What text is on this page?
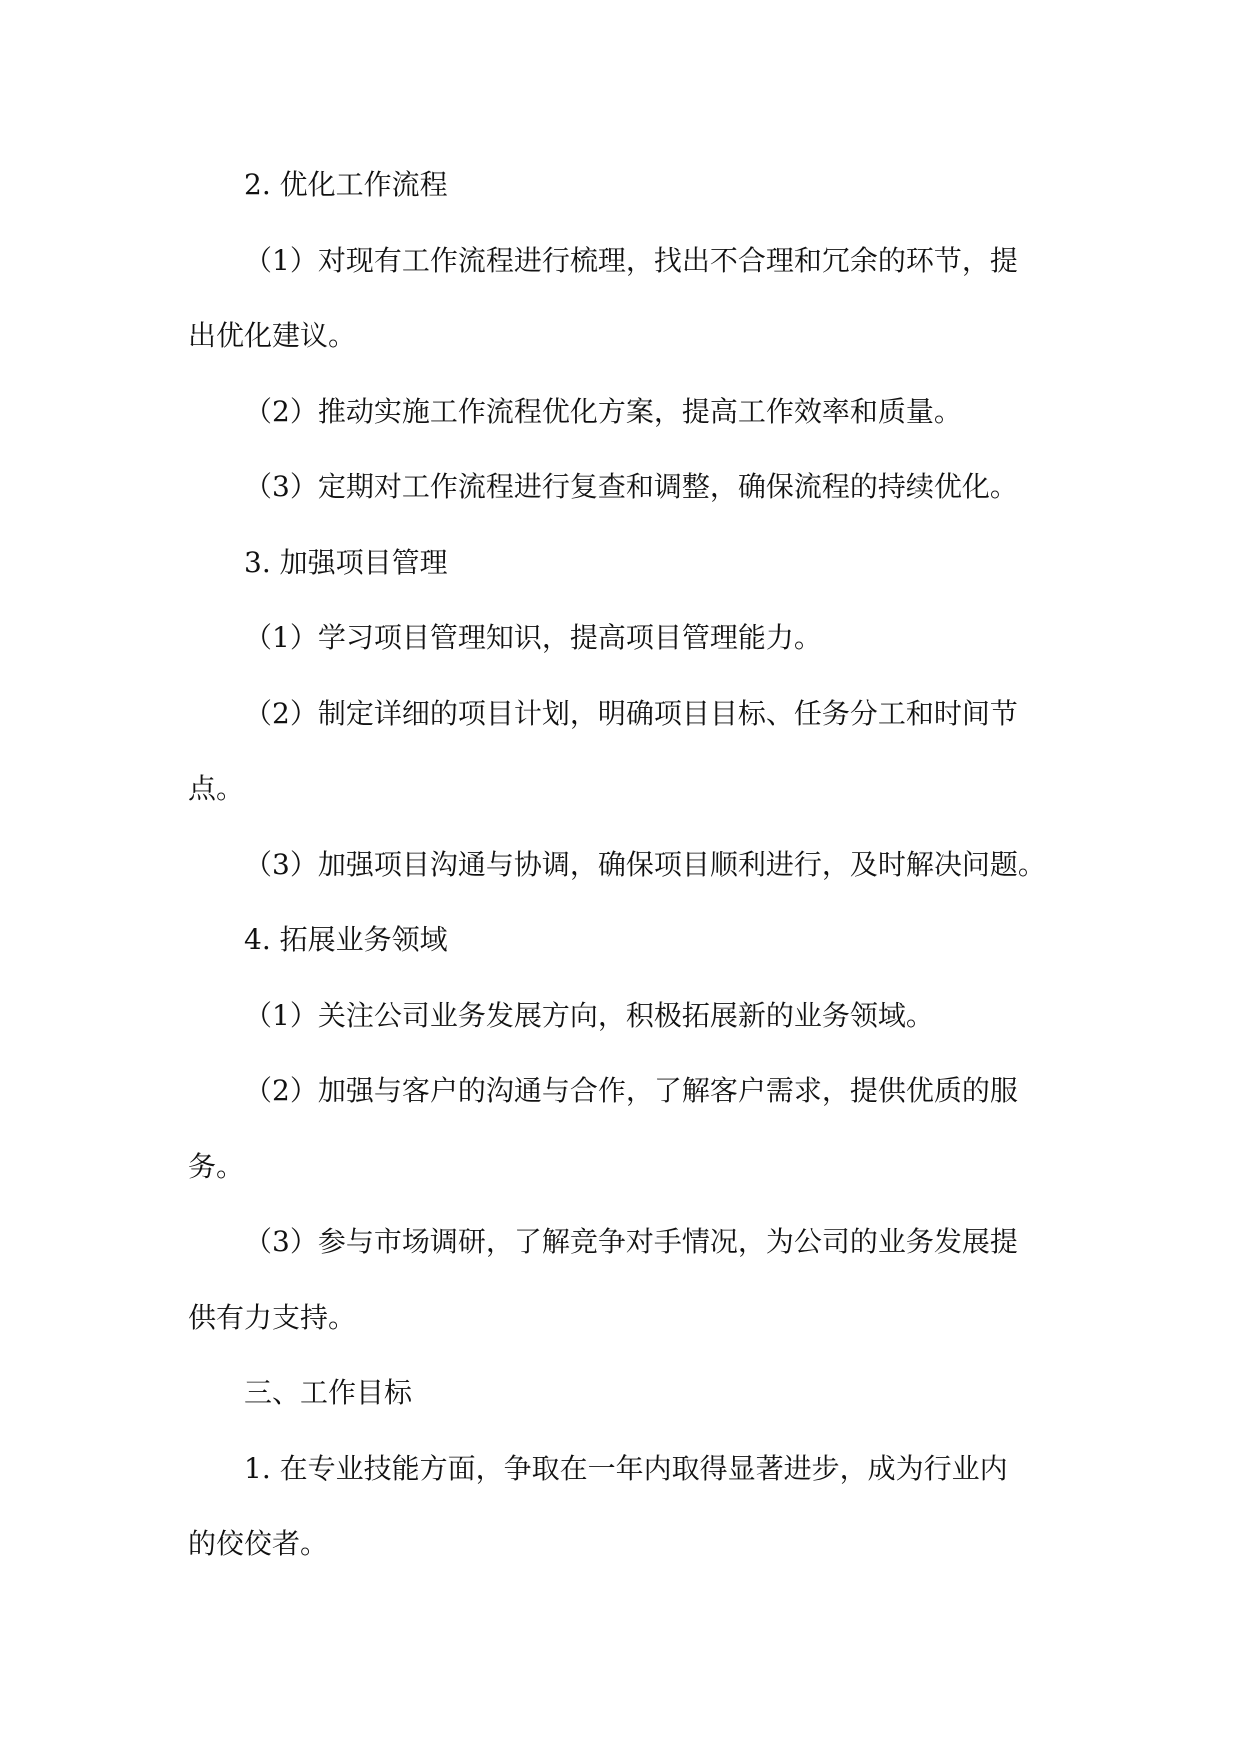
2. 优化工作流程

（1）对现有工作流程进行梳理，找出不合理和冗余的环节，提

出优化建议。

（2）推动实施工作流程优化方案，提高工作效率和质量。

（3）定期对工作流程进行复查和调整，确保流程的持续优化。

3. 加强项目管理

（1）学习项目管理知识，提高项目管理能力。

（2）制定详细的项目计划，明确项目目标、任务分工和时间节

点。

（3）加强项目沟通与协调，确保项目顺利进行，及时解决问题。

4. 拓展业务领域

（1）关注公司业务发展方向，积极拓展新的业务领域。

（2）加强与客户的沟通与合作，了解客户需求，提供优质的服

务。

（3）参与市场调研，了解竞争对手情况，为公司的业务发展提

供有力支持。

三、工作目标

1. 在专业技能方面，争取在一年内取得显著进步，成为行业内

的佼佼者。
